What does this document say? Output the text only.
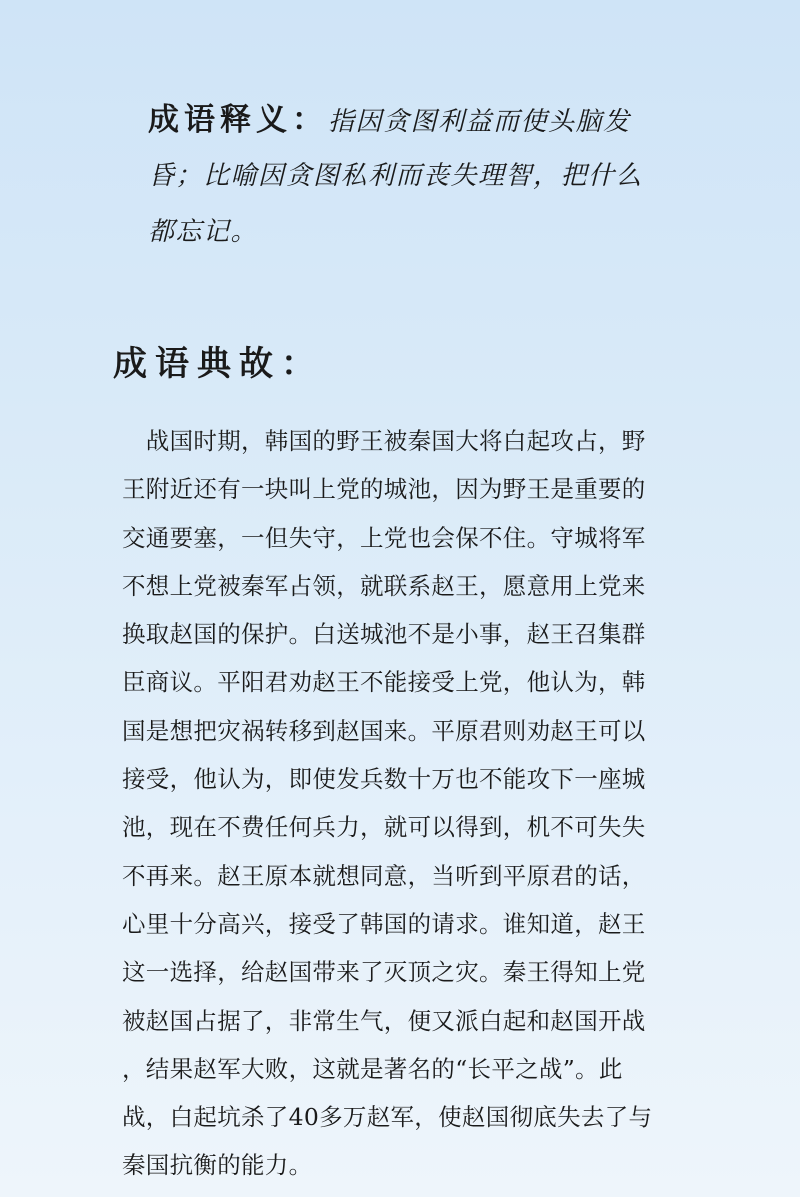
成语释义：指因贪图利益而使头脑发
昏；比喻因贪图私利而丧失理智，把什么
都忘记。
成语典故：
　战国时期，韩国的野王被秦国大将白起攻占，野
王附近还有一块叫上党的城池，因为野王是重要的
交通要塞，一但失守，上党也会保不住。守城将军
不想上党被秦军占领，就联系赵王，愿意用上党来
换取赵国的保护。白送城池不是小事，赵王召集群
臣商议。平阳君劝赵王不能接受上党，他认为，韩
国是想把灾祸转移到赵国来。平原君则劝赵王可以
接受，他认为，即使发兵数十万也不能攻下一座城
池，现在不费任何兵力，就可以得到，机不可失失
不再来。赵王原本就想同意，当听到平原君的话，
心里十分高兴，接受了韩国的请求。谁知道，赵王
这一选择，给赵国带来了灭顶之灾。秦王得知上党
被赵国占据了，非常生气，便又派白起和赵国开战
，结果赵军大败，这就是著名的“长平之战”。此
战，白起坑杀了40多万赵军，使赵国彻底失去了与
秦国抗衡的能力。
